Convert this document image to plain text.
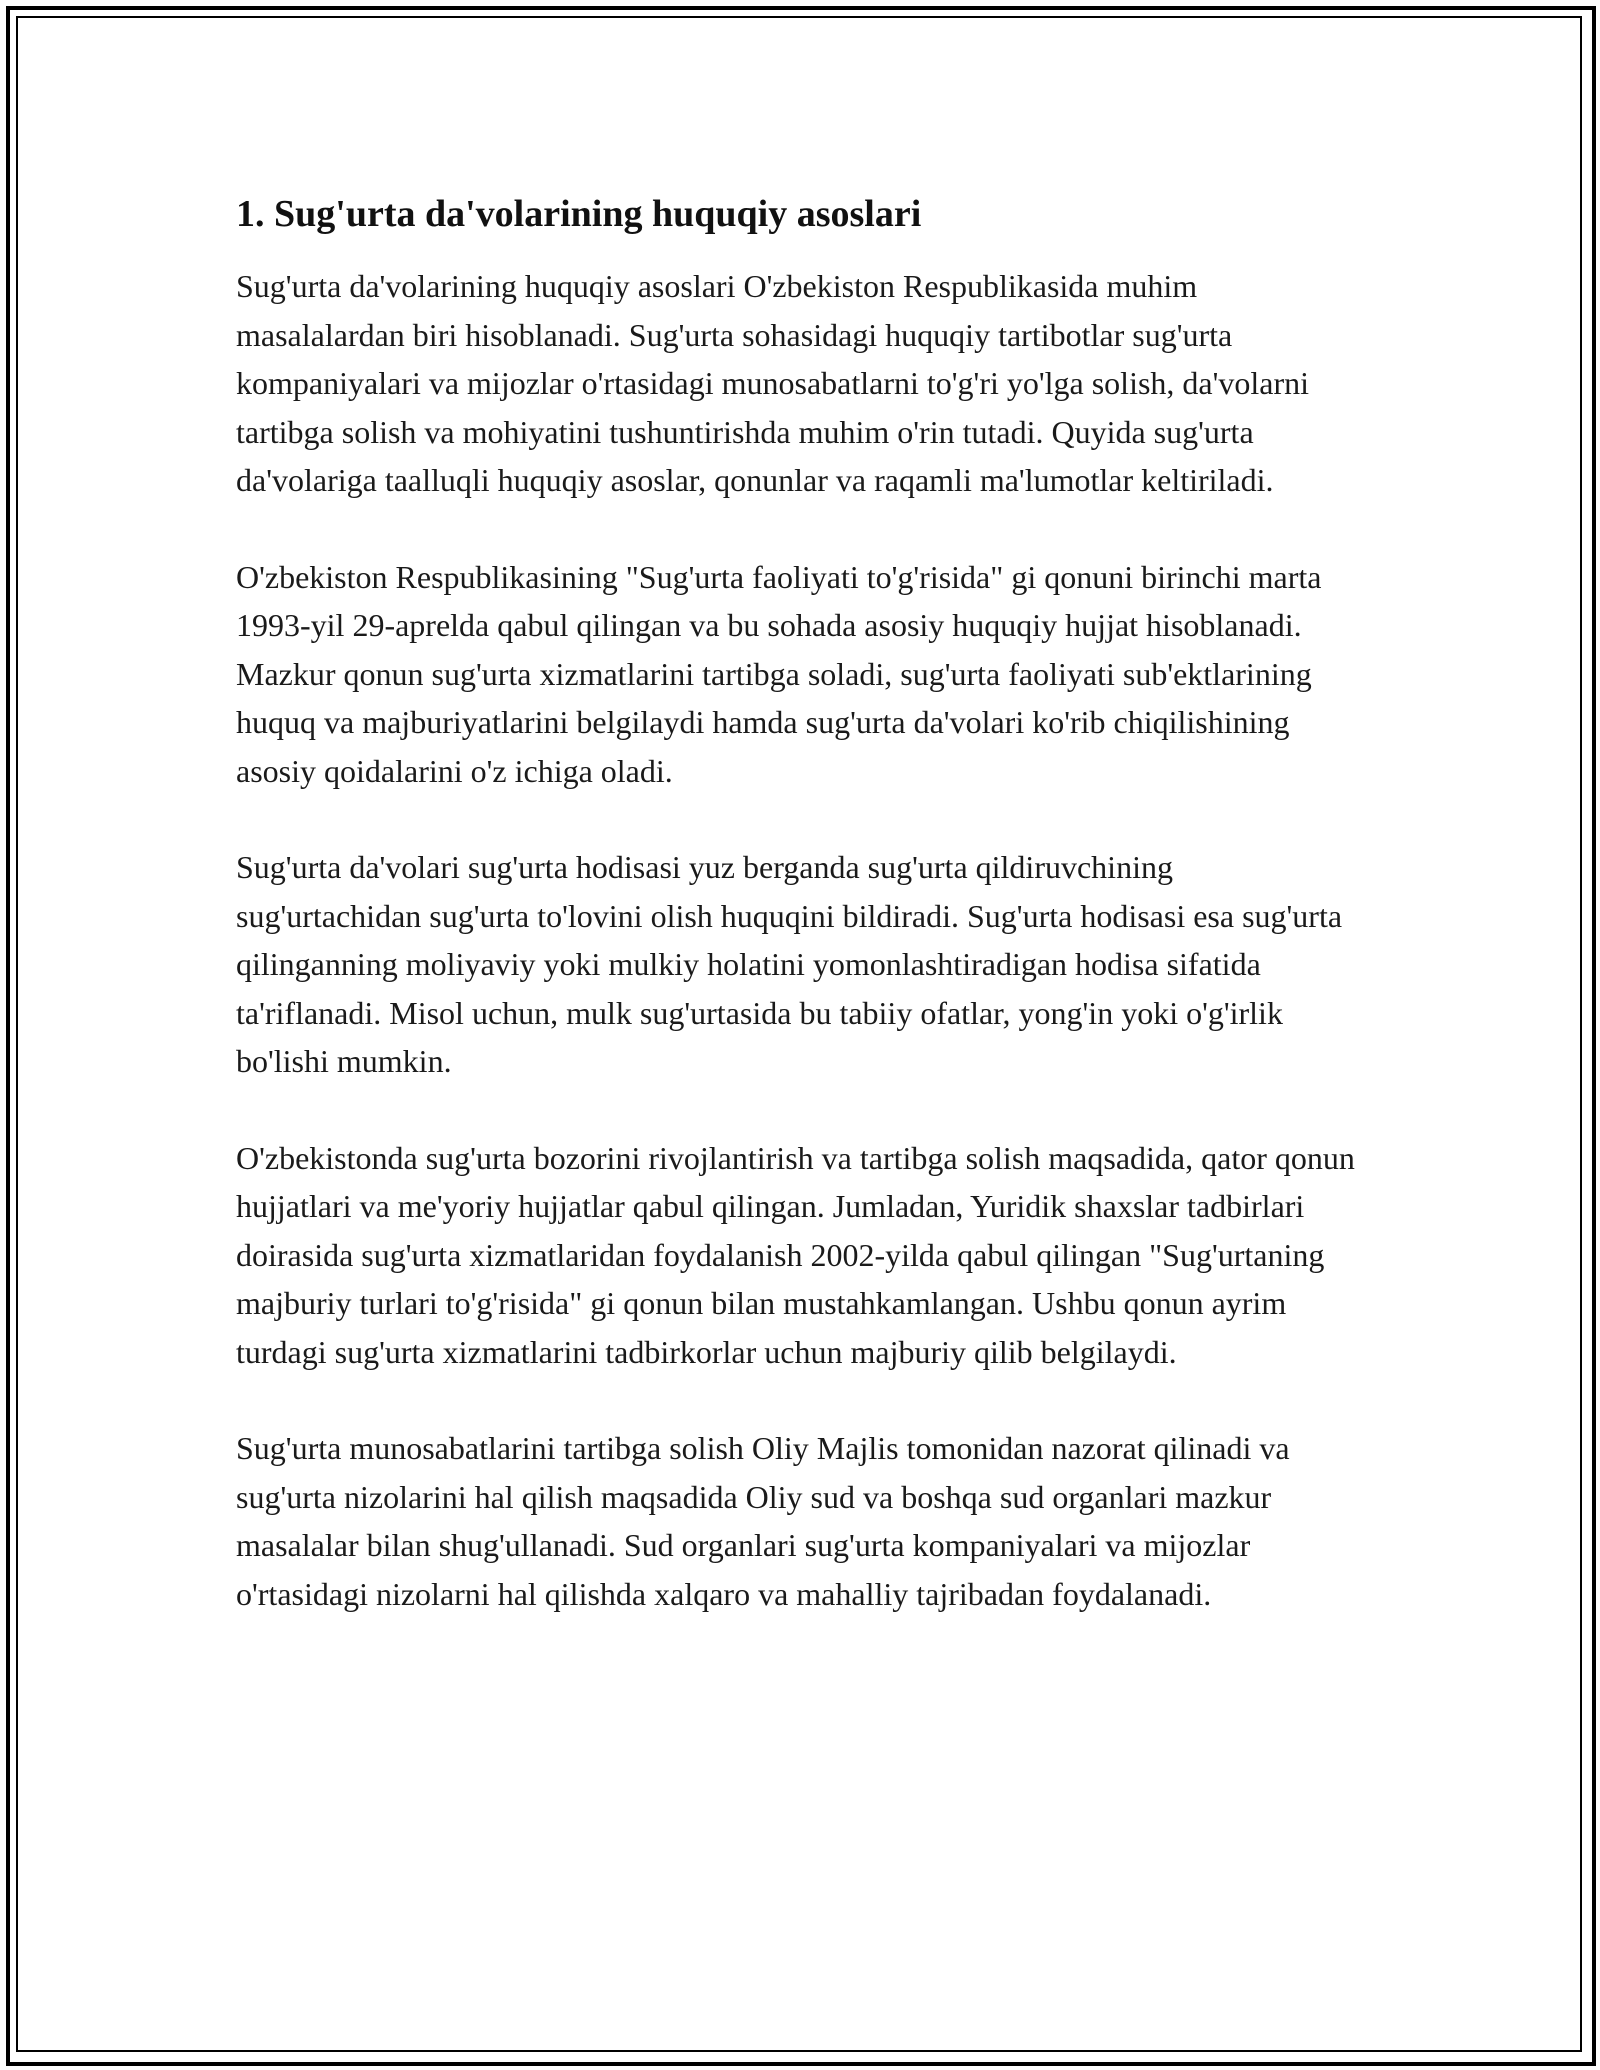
1. Sug'urta da'volarining huquqiy asoslari

Sug'urta da'volarining huquqiy asoslari O'zbekiston Respublikasida muhim masalalardan biri hisoblanadi. Sug'urta sohasidagi huquqiy tartibotlar sug'urta kompaniyalari va mijozlar o'rtasidagi munosabatlarni to'g'ri yo'lga solish, da'volarni tartibga solish va mohiyatini tushuntirishda muhim o'rin tutadi. Quyida sug'urta da'volariga taalluqli huquqiy asoslar, qonunlar va raqamli ma'lumotlar keltiriladi.

O'zbekiston Respublikasining "Sug'urta faoliyati to'g'risida" gi qonuni birinchi marta 1993-yil 29-aprelda qabul qilingan va bu sohada asosiy huquqiy hujjat hisoblanadi. Mazkur qonun sug'urta xizmatlarini tartibga soladi, sug'urta faoliyati sub'ektlarining huquq va majburiyatlarini belgilaydi hamda sug'urta da'volari ko'rib chiqilishining asosiy qoidalarini o'z ichiga oladi.

Sug'urta da'volari sug'urta hodisasi yuz berganda sug'urta qildiruvchining sug'urtachidan sug'urta to'lovini olish huquqini bildiradi. Sug'urta hodisasi esa sug'urta qilinganning moliyaviy yoki mulkiy holatini yomonlashtiradigan hodisa sifatida ta'riflanadi. Misol uchun, mulk sug'urtasida bu tabiiy ofatlar, yong'in yoki o'g'irlik bo'lishi mumkin.

O'zbekistonda sug'urta bozorini rivojlantirish va tartibga solish maqsadida, qator qonun hujjatlari va me'yoriy hujjatlar qabul qilingan. Jumladan, Yuridik shaxslar tadbirlari doirasida sug'urta xizmatlaridan foydalanish 2002-yilda qabul qilingan "Sug'urtaning majburiy turlari to'g'risida" gi qonun bilan mustahkamlangan. Ushbu qonun ayrim turdagi sug'urta xizmatlarini tadbirkorlar uchun majburiy qilib belgilaydi.

Sug'urta munosabatlarini tartibga solish Oliy Majlis tomonidan nazorat qilinadi va sug'urta nizolarini hal qilish maqsadida Oliy sud va boshqa sud organlari mazkur masalalar bilan shug'ullanadi. Sud organlari sug'urta kompaniyalari va mijozlar o'rtasidagi nizolarni hal qilishda xalqaro va mahalliy tajribadan foydalanadi.
